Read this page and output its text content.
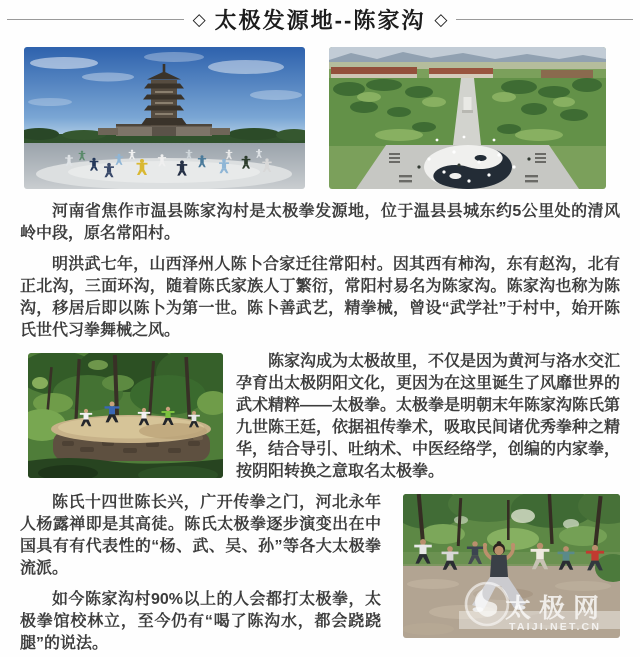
◇ 太极发源地--陈家沟 ◇

河南省焦作市温县陈家沟村是太极拳发源地，位于温县县城东约5公里处的清风岭中段，原名常阳村。

明洪武七年，山西泽州人陈卜合家迁往常阳村。因其西有柿沟，东有赵沟，北有正北沟，三面环沟，随着陈氏家族人丁繁衍，常阳村易名为陈家沟。陈家沟也称为陈沟，移居后即以陈卜为第一世。陈卜善武艺，精拳械，曾设“武学社”于村中，始开陈氏世代习拳舞械之风。

陈家沟成为太极故里，不仅是因为黄河与洛水交汇孕育出太极阴阳文化，更因为在这里诞生了风靡世界的武术精粹——太极拳。太极拳是明朝末年陈家沟陈氏第九世陈王廷，依据祖传拳术，吸取民间诸优秀拳种之精华，结合导引、吐纳术、中医经络学，创编的内家拳，按阴阳转换之意取名太极拳。

太极网
TAIJI.NET.CN

陈氏十四世陈长兴，广开传拳之门，河北永年人杨露禅即是其高徒。陈氏太极拳逐步演变出在中国具有有代表性的“杨、武、吴、孙”等各大太极拳流派。

如今陈家沟村90%以上的人会都打太极拳，太极拳馆校林立，至今仍有“喝了陈沟水，都会跷跷腿”的说法。
